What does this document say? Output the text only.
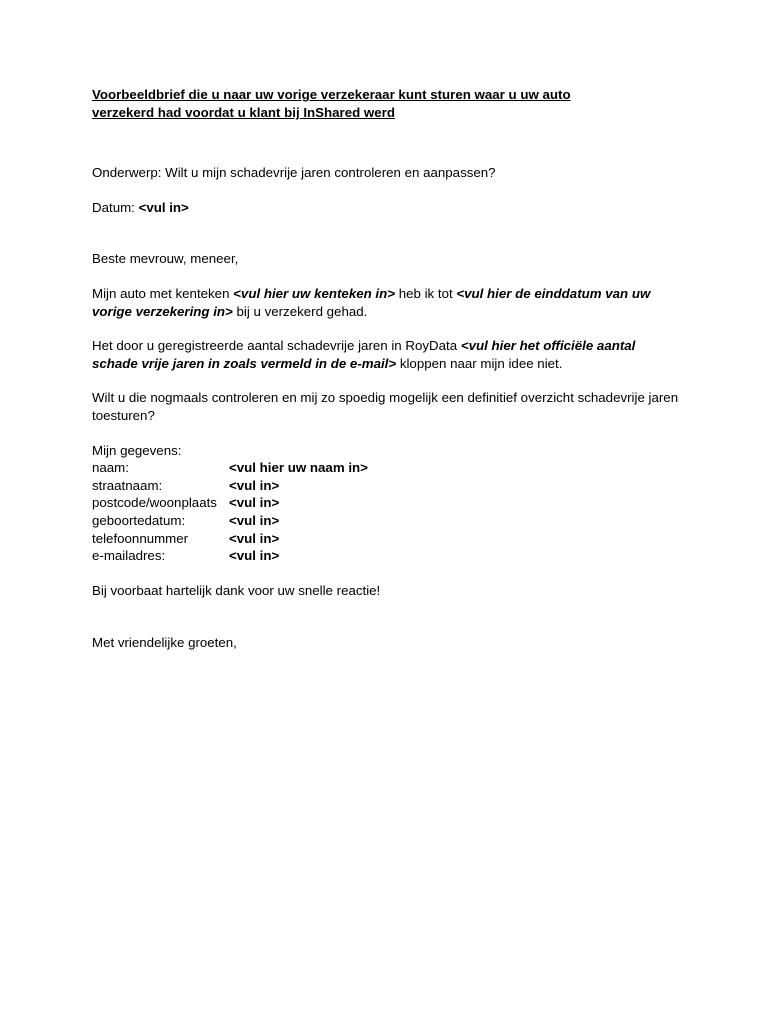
Voorbeeldbrief die u naar uw vorige verzekeraar kunt sturen waar u uw auto
verzekerd had voordat u klant bij InShared werd

Onderwerp: Wilt u mijn schadevrije jaren controleren en aanpassen?

Datum: <vul in>

Beste mevrouw, meneer,

Mijn auto met kenteken <vul hier uw kenteken in> heb ik tot <vul hier de einddatum van uw vorige verzekering in> bij u verzekerd gehad.

Het door u geregistreerde aantal schadevrije jaren in RoyData <vul hier het officiële aantal schade vrije jaren in zoals vermeld in de e-mail> kloppen naar mijn idee niet.

Wilt u die nogmaals controleren en mij zo spoedig mogelijk een definitief overzicht schadevrije jaren toesturen?

Mijn gegevens:

naam:	<vul hier uw naam in>
straatnaam:	<vul in>
postcode/woonplaats <vul in>
geboortedatum:	<vul in>
telefoonnummer	<vul in>
e-mailadres:	<vul in>

Bij voorbaat hartelijk dank voor uw snelle reactie!

Met vriendelijke groeten,
